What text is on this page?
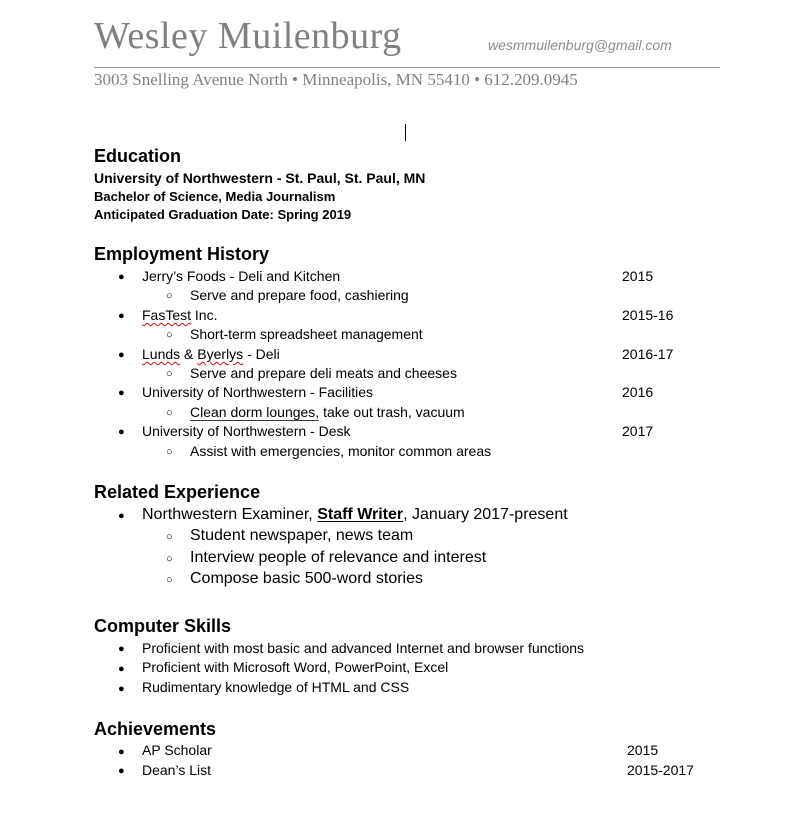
Wesley Muilenburg	wesmmuilenburg@gmail.com
3003 Snelling Avenue North • Minneapolis, MN 55410 • 612.209.0945
Education
University of Northwestern - St. Paul, St. Paul, MN
Bachelor of Science, Media Journalism
Anticipated Graduation Date: Spring 2019
Employment History
● Jerry’s Foods - Deli and Kitchen	2015
○ Serve and prepare food, cashiering
● FasTest Inc.	2015-16
○ Short-term spreadsheet management
● Lunds & Byerlys - Deli	2016-17
○ Serve and prepare deli meats and cheeses
● University of Northwestern - Facilities	2016
○ Clean dorm lounges, take out trash, vacuum
● University of Northwestern - Desk	2017
○ Assist with emergencies, monitor common areas
Related Experience
● Northwestern Examiner, Staff Writer, January 2017-present
○ Student newspaper, news team
○ Interview people of relevance and interest
○ Compose basic 500-word stories
Computer Skills
● Proficient with most basic and advanced Internet and browser functions
● Proficient with Microsoft Word, PowerPoint, Excel
● Rudimentary knowledge of HTML and CSS
Achievements
● AP Scholar	2015
● Dean’s List	2015-2017
